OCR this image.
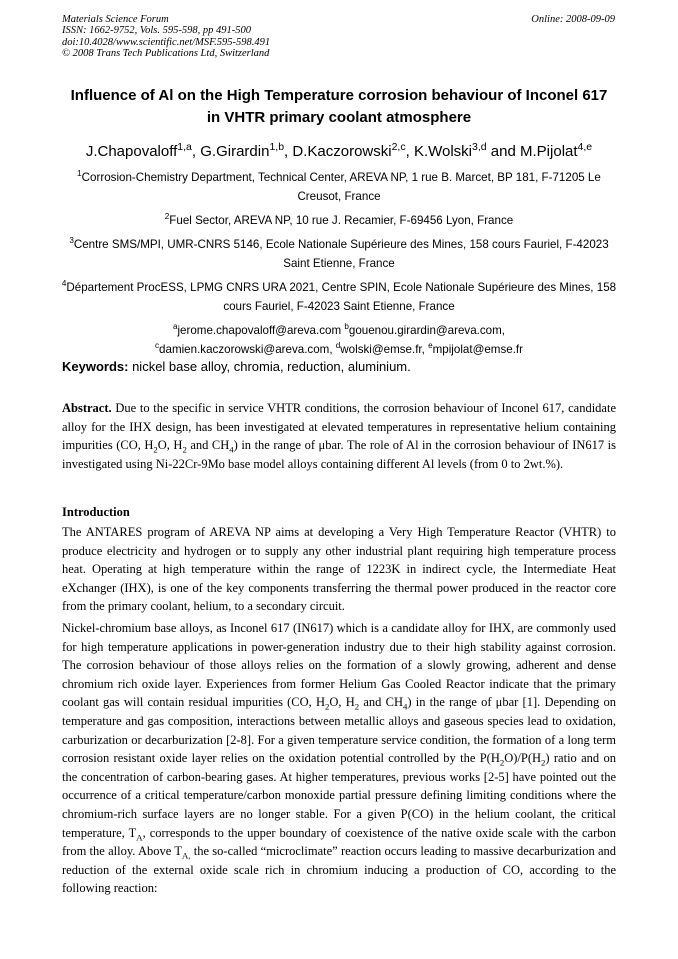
Materials Science Forum
ISSN: 1662-9752, Vols. 595-598, pp 491-500
doi:10.4028/www.scientific.net/MSF.595-598.491
© 2008 Trans Tech Publications Ltd, Switzerland
Online: 2008-09-09
Influence of Al on the High Temperature corrosion behaviour of Inconel 617 in VHTR primary coolant atmosphere
J.Chapovaloff$^{1,a}$, G.Girardin$^{1,b}$, D.Kaczorowski$^{2,c}$, K.Wolski$^{3,d}$ and M.Pijolat$^{4,e}$

$^1$Corrosion-Chemistry Department, Technical Center, AREVA NP, 1 rue B. Marcet, BP 181, F-71205 Le Creusot, France

$^2$Fuel Sector, AREVA NP, 10 rue J. Recamier, F-69456 Lyon, France

$^3$Centre SMS/MPI, UMR-CNRS 5146, Ecole Nationale Supérieure des Mines, 158 cours Fauriel, F-42023 Saint Etienne, France

$^4$Département ProcESS, LPMG CNRS URA 2021, Centre SPIN, Ecole Nationale Supérieure des Mines, 158 cours Fauriel, F-42023 Saint Etienne, France

$^a$jerome.chapovaloff@areva.com $^b$gouenou.girardin@areva.com,
$^c$damien.kaczorowski@areva.com, $^d$wolski@emse.fr, $^e$mpijolat@emse.fr
Keywords: nickel base alloy, chromia, reduction, aluminium.
Abstract. Due to the specific in service VHTR conditions, the corrosion behaviour of Inconel 617, candidate alloy for the IHX design, has been investigated at elevated temperatures in representative helium containing impurities (CO, $H_2O$, $H_2$ and $CH_4$) in the range of μbar. The role of Al in the corrosion behaviour of IN617 is investigated using Ni-22Cr-9Mo base model alloys containing different Al levels (from 0 to 2wt.%).
Introduction

The ANTARES program of AREVA NP aims at developing a Very High Temperature Reactor (VHTR) to produce electricity and hydrogen or to supply any other industrial plant requiring high temperature process heat. Operating at high temperature within the range of 1223K in indirect cycle, the Intermediate Heat eXchanger (IHX), is one of the key components transferring the thermal power produced in the reactor core from the primary coolant, helium, to a secondary circuit.

Nickel-chromium base alloys, as Inconel 617 (IN617) which is a candidate alloy for IHX, are commonly used for high temperature applications in power-generation industry due to their high stability against corrosion. The corrosion behaviour of those alloys relies on the formation of a slowly growing, adherent and dense chromium rich oxide layer. Experiences from former Helium Gas Cooled Reactor indicate that the primary coolant gas will contain residual impurities (CO, $H_2O$, $H_2$ and $CH_4$) in the range of μbar [1]. Depending on temperature and gas composition, interactions between metallic alloys and gaseous species lead to oxidation, carburization or decarburization [2-8]. For a given temperature service condition, the formation of a long term corrosion resistant oxide layer relies on the oxidation potential controlled by the $P(H_2O)/P(H_2)$ ratio and on the concentration of carbon-bearing gases. At higher temperatures, previous works [2-5] have pointed out the occurrence of a critical temperature/carbon monoxide partial pressure defining limiting conditions where the chromium-rich surface layers are no longer stable. For a given P(CO) in the helium coolant, the critical temperature, $T_A$, corresponds to the upper boundary of coexistence of the native oxide scale with the carbon from the alloy. Above $T_{A,}$ the so-called “microclimate” reaction occurs leading to massive decarburization and reduction of the external oxide scale rich in chromium inducing a production of CO, according to the following reaction:
